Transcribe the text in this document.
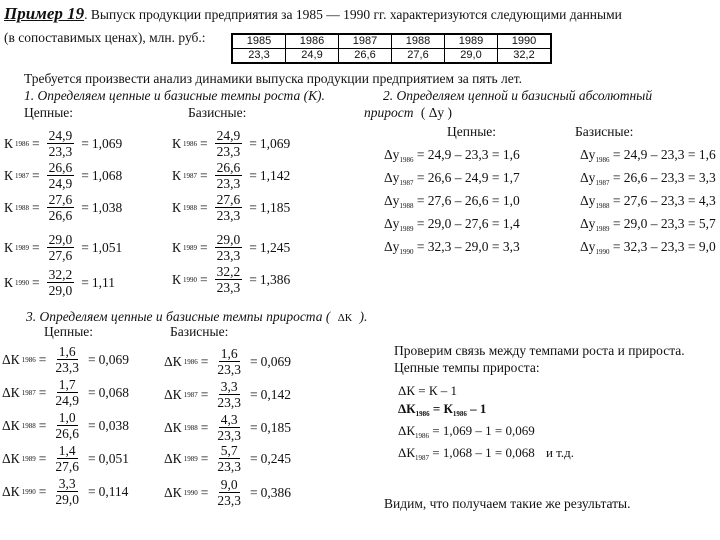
Пример 19. Выпуск продукции предприятия за 1985 — 1990 гг. характеризуются следующими данными
(в сопоставимых ценах), млн. руб.:	1985	1986	1987	1988	1989	1990
23,3	24,9	26,6	27,6	29,0	32,2
Требуется произвести анализ динамики выпуска продукции предприятием за пять лет.
1. Определяем цепные и базисные темпы роста (К).
Цепные:	Базисные:
2. Определяем цепной и базисный абсолютный
прирост ( Δy )
Цепные:	Базисные:
К $1986 = \frac{24,9}{23,3} = 1,069$
К $1987 = \frac{26,6}{24,9} = 1,068$
К $1988 = \frac{27,6}{26,6} = 1,038$
К $1989 = \frac{29,0}{27,6} = 1,051$
К $1990 = \frac{32,2}{29,0} = 1,11$
К $1986 = \frac{24,9}{23,3} = 1,069$
К $1987 = \frac{26,6}{23,3} = 1,142$
К $1988 = \frac{27,6}{23,3} = 1,185$
К $1989 = \frac{29,0}{23,3} = 1,245$
К $1990 = \frac{32,2}{23,3} = 1,386$
$\Delta y_{1986} = 24,9 - 23,3 = 1,6$
$\Delta y_{1987} = 26,6 - 24,9 = 1,7$
$\Delta y_{1988} = 27,6 - 26,6 = 1,0$
$\Delta y_{1989} = 29,0 - 27,6 = 1,4$
$\Delta y_{1990} = 32,3 - 29,0 = 3,3$
$\Delta y_{1986} = 24,9 - 23,3 = 1,6$
$\Delta y_{1987} = 26,6 - 23,3 = 3,3$
$\Delta y_{1988} = 27,6 - 23,3 = 4,3$
$\Delta y_{1989} = 29,0 - 23,3 = 5,7$
$\Delta y_{1990} = 32,3 - 23,3 = 9,0$
3. Определяем цепные и базисные темпы прироста ( ΔК ).
Цепные:	Базисные:
ΔК $1986 = \frac{1,6}{23,3} = 0,069$
ΔК $1987 = \frac{1,7}{24,9} = 0,068$
ΔК $1988 = \frac{1,0}{26,6} = 0,038$
ΔК $1989 = \frac{1,4}{27,6} = 0,051$
ΔК $1990 = \frac{3,3}{29,0} = 0,114$
ΔК $1986 = \frac{1,6}{23,3} = 0,069$
ΔК $1987 = \frac{3,3}{23,3} = 0,142$
ΔК $1988 = \frac{4,3}{23,3} = 0,185$
ΔК $1989 = \frac{5,7}{23,3} = 0,245$
ΔК $1990 = \frac{9,0}{23,3} = 0,386$
Проверим связь между темпами роста и прироста.
Цепные темпы прироста:
ΔК = К – 1
$\Delta К_{1986} = К_{1986} - 1$
$\Delta К_{1986} = 1,069 - 1 = 0,069$
$\Delta К_{1987} = 1,068 - 1 = 0,068$ и т.д.
Видим, что получаем такие же результаты.
